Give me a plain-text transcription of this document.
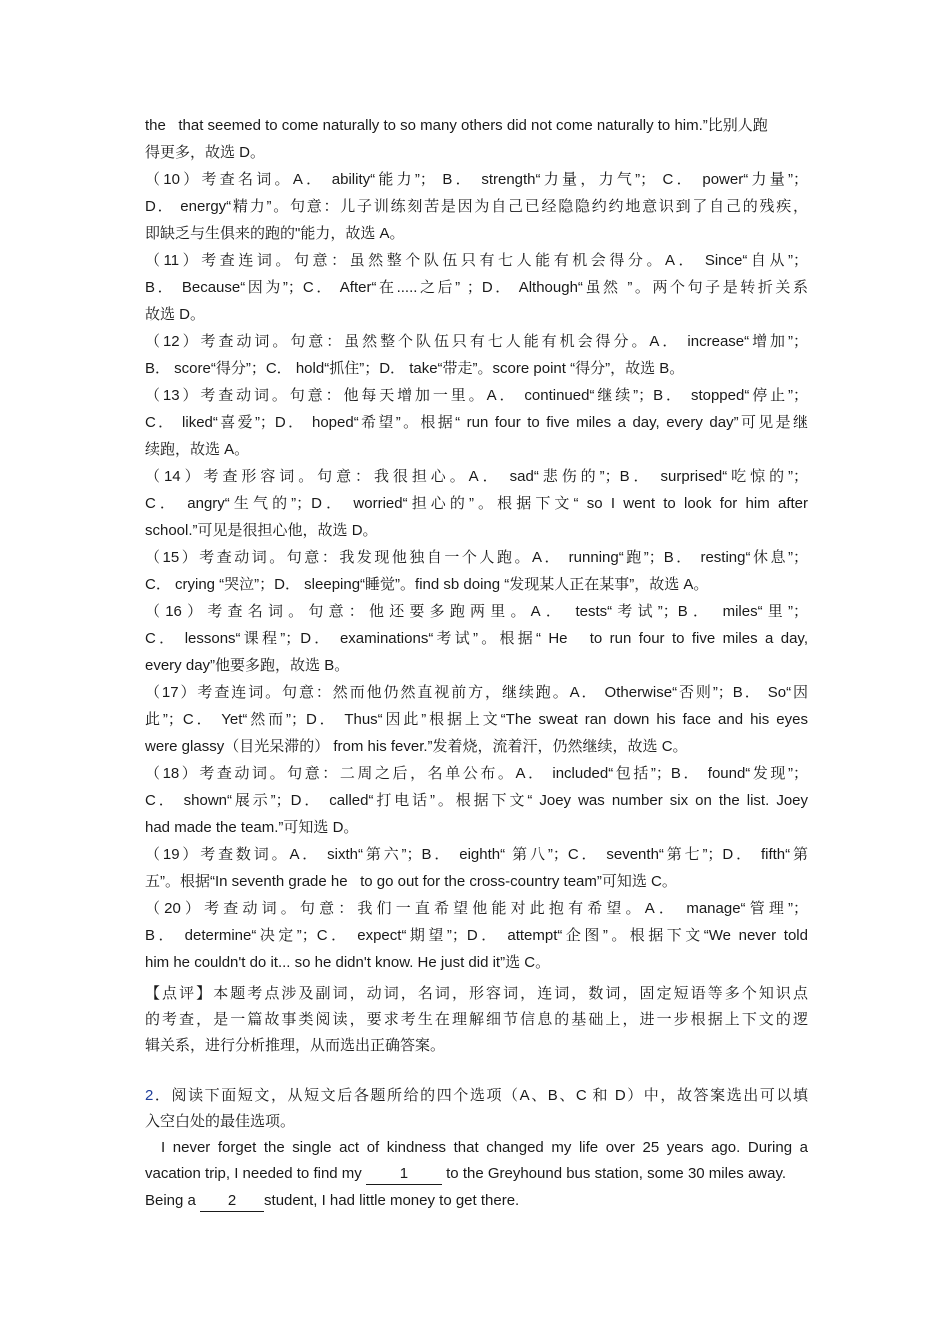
the   that seemed to come naturally to so many others did not come naturally to him.”比别人跑
得更多，故选 D。
（10）考查名词。A． ability“能力”； B． strength“力量，力气”； C． power“力量”；
D． energy“精力”。句意：儿子训练刻苦是因为自己已经隐隐约约地意识到了自己的残疾，
即缺乏与生俱来的跑的"能力，故选 A。
（11）考查连词。句意：虽然整个队伍只有七人能有机会得分。A． Since“自从”；
B． Because“因为”；C． After“在.....之后” ；D． Although“虽然 ”。两个句子是转折关系
故选 D。
（12）考查动词。句意：虽然整个队伍只有七人能有机会得分。A． increase“增加”；
B． score“得分”；C． hold“抓住”；D． take“带走”。score point “得分”，故选 B。
（13）考查动词。句意：他每天增加一里。A． continued“继续”；B． stopped“停止”；
C． liked“喜爱”；D． hoped“希望”。根据“ run four to five miles a day, every day”可见是继
续跑，故选 A。
（14）考查形容词。句意：我很担心。A． sad“悲伤的”；B． surprised“吃惊的”；
C． angry“生气的”；D． worried“担心的”。根据下文“ so I went to look for him after
school.”可见是很担心他，故选 D。
（15）考查动词。句意：我发现他独自一个人跑。A． running“跑”；B． resting“休息”；
C． crying “哭泣”；D． sleeping“睡觉”。find sb doing “发现某人正在某事”，故选 A。
（16）考查名词。句意：他还要多跑两里。A． tests“考试”；B． miles“里”；
C． lessons“课程”；D． examinations“考试”。根据“ He   to run four to five miles a day,
every day”他要多跑，故选 B。
（17）考查连词。句意：然而他仍然直视前方，继续跑。A． Otherwise“否则”；B． So“因
此”；C． Yet“然而”；D． Thus“因此”根据上文“The sweat ran down his face and his eyes
were glassy（目光呆滞的） from his fever.”发着烧，流着汗，仍然继续，故选 C。
（18）考查动词。句意：二周之后，名单公布。A． included“包括”；B． found“发现”；
C． shown“展示”；D． called“打电话”。根据下文“ Joey was number six on the list. Joey
had made the team.”可知选 D。
（19）考查数词。A． sixth“第六”；B． eighth“ 第八”；C． seventh“第七”；D． fifth“第
五”。根据“In seventh grade he   to go out for the cross-country team”可知选 C。
（20）考查动词。句意：我们一直希望他能对此抱有希望。A． manage“管理”；
B． determine“决定”；C． expect“期望”；D． attempt“企图”。根据下文“We never told
him he couldn't do it... so he didn't know. He just did it”选 C。
【点评】本题考点涉及副词，动词，名词，形容词，连词，数词，固定短语等多个知识点
的考查，是一篇故事类阅读，要求考生在理解细节信息的基础上，进一步根据上下文的逻
辑关系，进行分析推理，从而选出正确答案。
2．阅读下面短文，从短文后各题所给的四个选项（A、B、C 和 D）中，故答案选出可以填
入空白处的最佳选项。
I never forget the single act of kindness that changed my life over 25 years ago. During a
vacation trip, I needed to find my 1 to the Greyhound bus station, some 30 miles away.
Being a 2 student, I had little money to get there.
